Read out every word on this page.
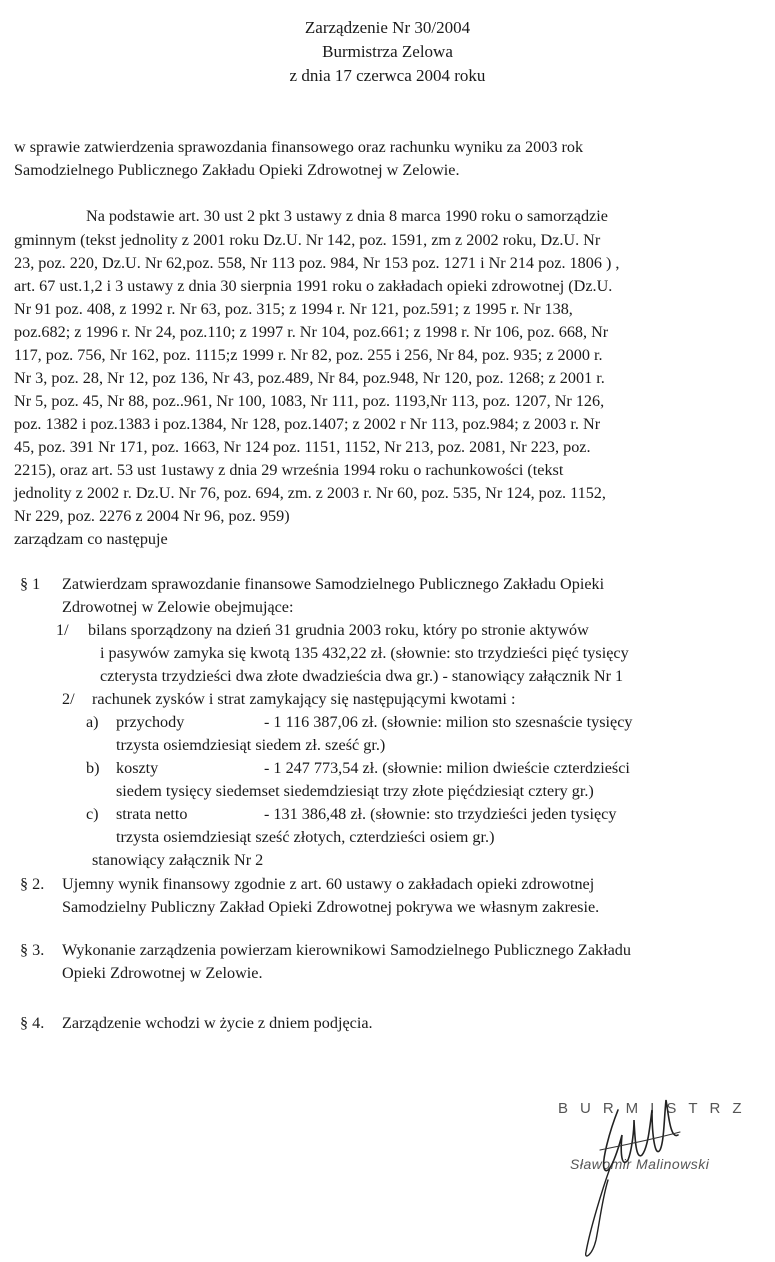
Zarządzenie Nr 30/2004
Burmistrza Zelowa
z dnia 17 czerwca 2004 roku
w sprawie zatwierdzenia sprawozdania finansowego oraz rachunku wyniku za 2003 rok
Samodzielnego Publicznego Zakładu Opieki Zdrowotnej w Zelowie.
Na podstawie art. 30 ust 2 pkt 3 ustawy z dnia 8 marca 1990 roku o samorządzie
gminnym (tekst jednolity z 2001 roku Dz.U. Nr 142, poz. 1591, zm z 2002 roku, Dz.U. Nr
23, poz. 220, Dz.U. Nr 62,poz. 558, Nr 113 poz. 984, Nr 153 poz. 1271 i Nr 214 poz. 1806 ) ,
art. 67 ust.1,2 i 3 ustawy z dnia 30 sierpnia 1991 roku o zakładach opieki zdrowotnej (Dz.U.
Nr 91 poz. 408, z 1992 r. Nr 63, poz. 315; z 1994 r. Nr 121, poz.591; z 1995 r. Nr 138,
poz.682; z 1996 r. Nr 24, poz.110; z 1997 r. Nr 104, poz.661; z 1998 r. Nr 106, poz. 668, Nr
117, poz. 756, Nr 162, poz. 1115;z 1999 r. Nr 82, poz. 255 i 256, Nr 84, poz. 935; z 2000 r.
Nr 3, poz. 28, Nr 12, poz 136, Nr 43, poz.489, Nr 84, poz.948, Nr 120, poz. 1268; z 2001 r.
Nr 5, poz. 45, Nr 88, poz..961, Nr 100, 1083, Nr 111, poz. 1193,Nr 113, poz. 1207, Nr 126,
poz. 1382 i poz.1383 i poz.1384, Nr 128, poz.1407; z 2002 r Nr 113, poz.984; z 2003 r. Nr
45, poz. 391 Nr 171, poz. 1663, Nr 124 poz. 1151, 1152, Nr 213, poz. 2081, Nr 223, poz.
2215), oraz art. 53 ust 1ustawy z dnia 29 września 1994 roku o rachunkowości (tekst
jednolity z 2002 r. Dz.U. Nr 76, poz. 694, zm. z 2003 r. Nr 60, poz. 535, Nr 124, poz. 1152,
Nr 229, poz. 2276 z 2004 Nr 96, poz. 959)
zarządzam co następuje
§ 1 Zatwierdzam sprawozdanie finansowe Samodzielnego Publicznego Zakładu Opieki
Zdrowotnej w Zelowie obejmujące:
1/ bilans sporządzony na dzień 31 grudnia 2003 roku, który po stronie aktywów
i pasywów zamyka się kwotą 135 432,22 zł. (słownie: sto trzydzieści pięć tysięcy
czterysta trzydzieści dwa złote dwadzieścia dwa gr.) - stanowiący załącznik Nr 1
2/ rachunek zysków i strat zamykający się następującymi kwotami :
a) przychody	- 1 116 387,06 zł. (słownie: milion sto szesnaście tysięcy
trzysta osiemdziesiąt siedem zł. sześć gr.)
b) koszty	- 1 247 773,54 zł. (słownie: milion dwieście czterdzieści
siedem tysięcy siedemset siedemdziesiąt trzy złote pięćdziesiąt cztery gr.)
c) strata netto	- 131 386,48 zł. (słownie: sto trzydzieści jeden tysięcy
trzysta osiemdziesiąt sześć złotych, czterdzieści osiem gr.)
stanowiący załącznik Nr 2
§ 2. Ujemny wynik finansowy zgodnie z art. 60 ustawy o zakładach opieki zdrowotnej
Samodzielny Publiczny Zakład Opieki Zdrowotnej pokrywa we własnym zakresie.
§ 3. Wykonanie zarządzenia powierzam kierownikowi Samodzielnego Publicznego Zakładu
Opieki Zdrowotnej w Zelowie.
§ 4. Zarządzenie wchodzi w życie z dniem podjęcia.
BURMISTRZ
Sławomir Malinowski
